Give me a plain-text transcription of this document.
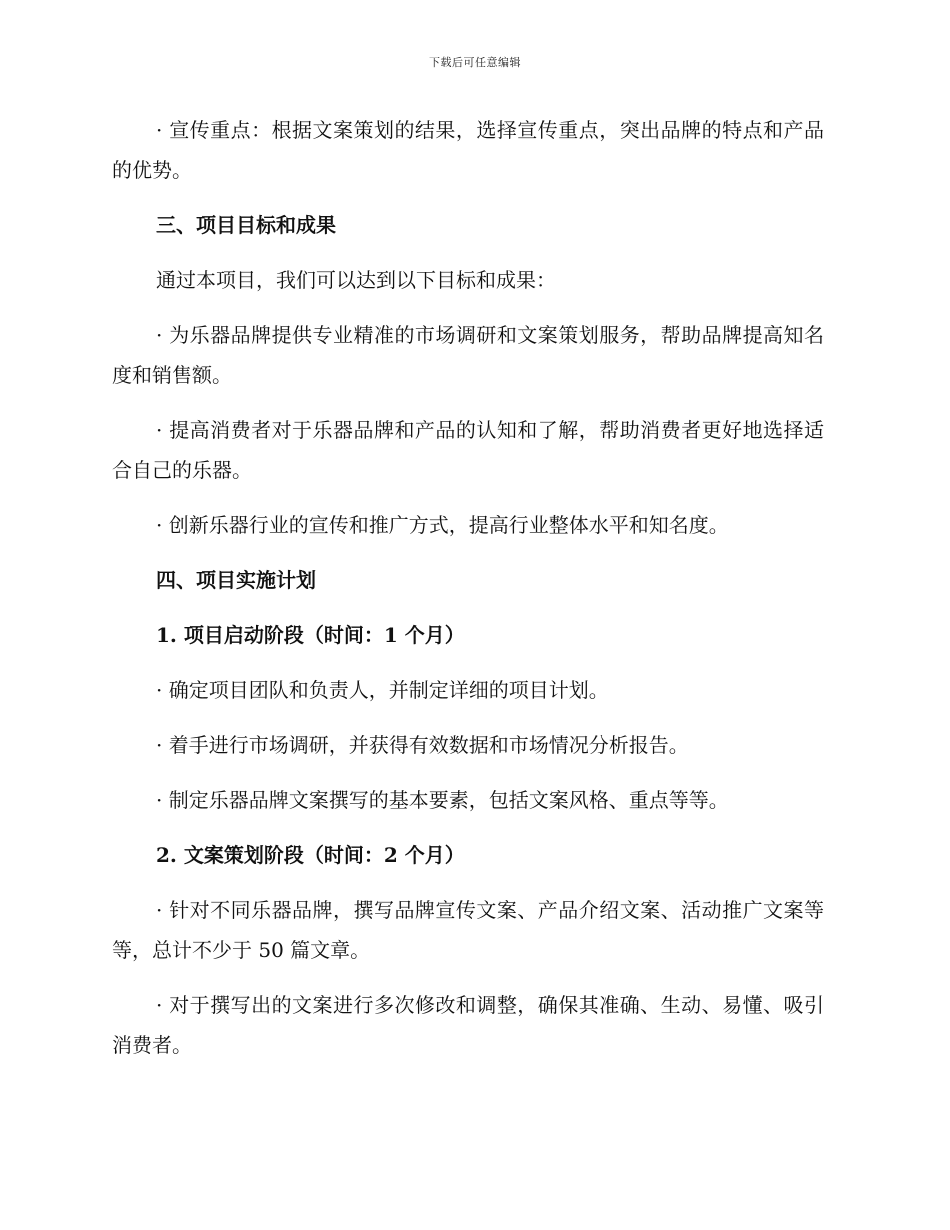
下载后可任意编辑

· 宣传重点：根据文案策划的结果，选择宣传重点，突出品牌的特点和产品的优势。

三、项目目标和成果

通过本项目，我们可以达到以下目标和成果：

· 为乐器品牌提供专业精准的市场调研和文案策划服务，帮助品牌提高知名度和销售额。

· 提高消费者对于乐器品牌和产品的认知和了解，帮助消费者更好地选择适合自己的乐器。

· 创新乐器行业的宣传和推广方式，提高行业整体水平和知名度。

四、项目实施计划

1. 项目启动阶段（时间：1 个月）

· 确定项目团队和负责人，并制定详细的项目计划。

· 着手进行市场调研，并获得有效数据和市场情况分析报告。

· 制定乐器品牌文案撰写的基本要素，包括文案风格、重点等等。

2. 文案策划阶段（时间：2 个月）

· 针对不同乐器品牌，撰写品牌宣传文案、产品介绍文案、活动推广文案等等，总计不少于 50 篇文章。

· 对于撰写出的文案进行多次修改和调整，确保其准确、生动、易懂、吸引消费者。
